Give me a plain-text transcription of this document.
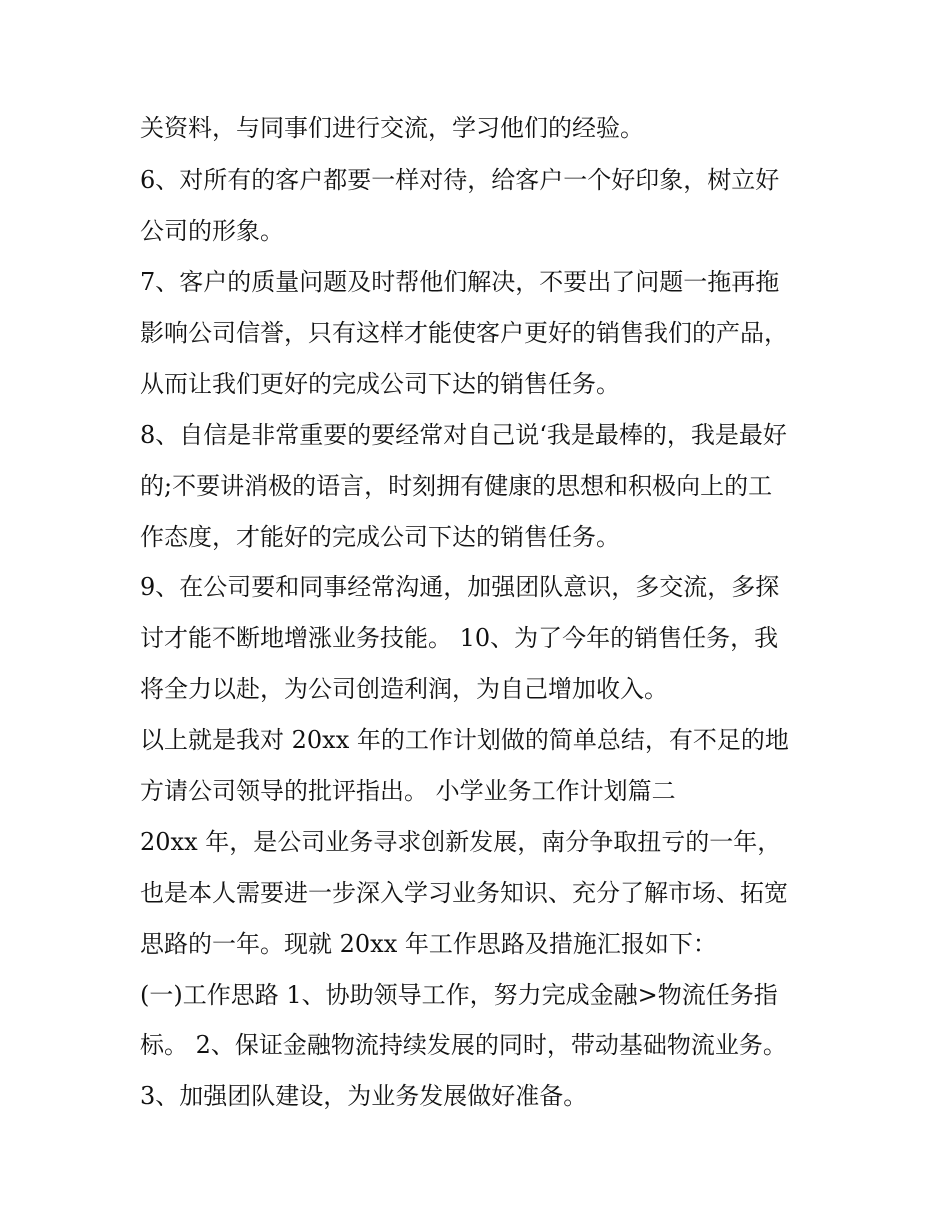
关资料，与同事们进行交流，学习他们的经验。
6、对所有的客户都要一样对待，给客户一个好印象，树立好
公司的形象。
7、客户的质量问题及时帮他们解决，不要出了问题一拖再拖
影响公司信誉，只有这样才能使客户更好的销售我们的产品，
从而让我们更好的完成公司下达的销售任务。
8、自信是非常重要的要经常对自己说‘我是最棒的，我是最好
的;不要讲消极的语言，时刻拥有健康的思想和积极向上的工
作态度，才能好的完成公司下达的销售任务。
9、在公司要和同事经常沟通，加强团队意识，多交流，多探
讨才能不断地增涨业务技能。 10、为了今年的销售任务，我
将全力以赴，为公司创造利润，为自己增加收入。
以上就是我对 20xx 年的工作计划做的简单总结，有不足的地
方请公司领导的批评指出。 小学业务工作计划篇二
20xx 年，是公司业务寻求创新发展，南分争取扭亏的一年，
也是本人需要进一步深入学习业务知识、充分了解市场、拓宽
思路的一年。现就 20xx 年工作思路及措施汇报如下：
(一)工作思路 1、协助领导工作，努力完成金融>物流任务指
标。 2、保证金融物流持续发展的同时，带动基础物流业务。
3、加强团队建设，为业务发展做好准备。
